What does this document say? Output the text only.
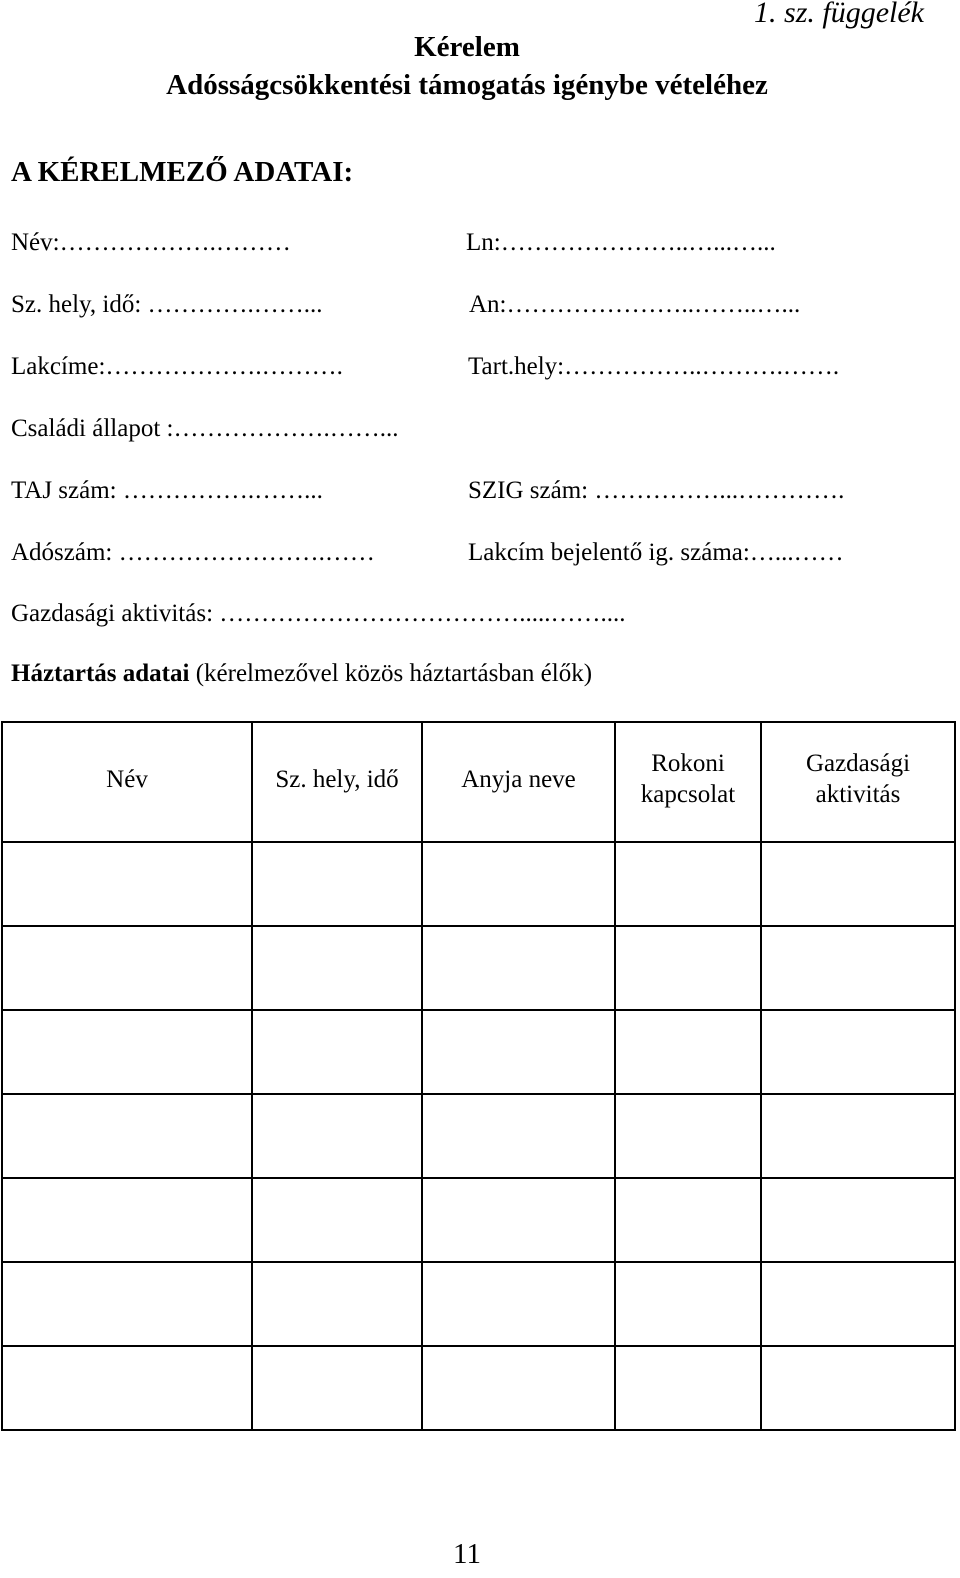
1. sz. függelék
Kérelem
Adósságcsökkentési támogatás igénybe vételéhez
A KÉRELMEZŐ ADATAI:
Név:……………….………	Ln:…………………..…...…...
Sz. hely, idő: ………….……...	An:…………………..……..…...
Lakcíme:……………….……….	Tart.hely:……………..……….…….
Családi állapot :……………….……...
TAJ szám: …………….……...	SZIG szám: ……………...………….
Adószám: …………………….……	Lakcím bejelentő ig. száma:…...……
Gazdasági aktivitás: ……………………………….....……....
Háztartás adatai (kérelmezővel közös háztartásban élők)
Név	Sz. hely, idő	Anyja neve	Rokoni kapcsolat	Gazdasági aktivitás

11
